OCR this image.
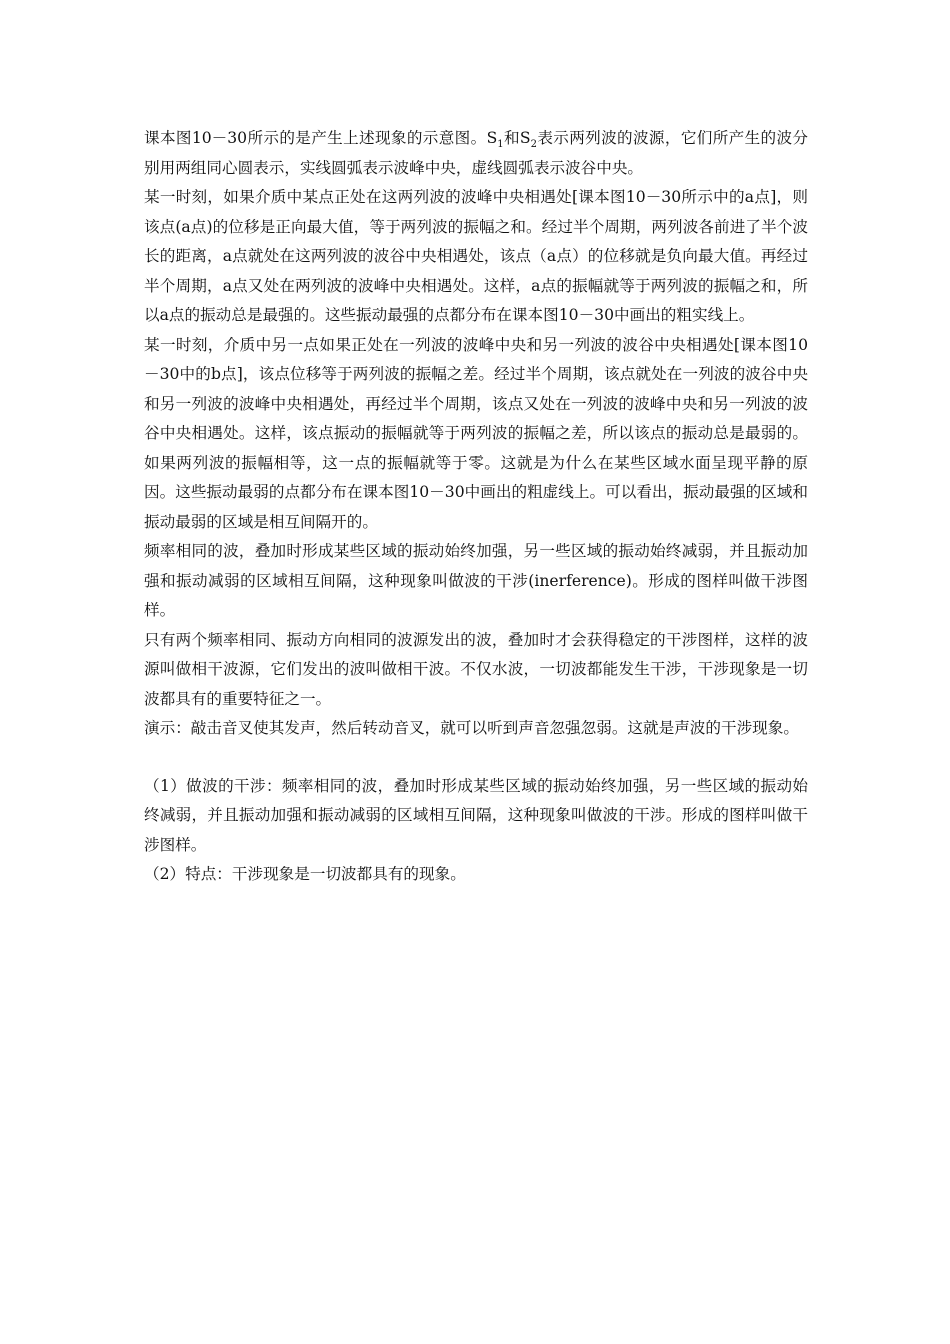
课本图10－30所示的是产生上述现象的示意图。$S_1$和$S_2$表示两列波的波源，它们所产生的波分别用两组同心圆表示，实线圆弧表示波峰中央，虚线圆弧表示波谷中央。

某一时刻，如果介质中某点正处在这两列波的波峰中央相遇处[课本图10－30所示中的a点]，则该点(a点)的位移是正向最大值，等于两列波的振幅之和。经过半个周期，两列波各前进了半个波长的距离，a点就处在这两列波的波谷中央相遇处，该点（a点）的位移就是负向最大值。再经过半个周期，a点又处在两列波的波峰中央相遇处。这样，a点的振幅就等于两列波的振幅之和，所以a点的振动总是最强的。这些振动最强的点都分布在课本图10－30中画出的粗实线上。

某一时刻，介质中另一点如果正处在一列波的波峰中央和另一列波的波谷中央相遇处[课本图10－30中的b点]，该点位移等于两列波的振幅之差。经过半个周期，该点就处在一列波的波谷中央和另一列波的波峰中央相遇处，再经过半个周期，该点又处在一列波的波峰中央和另一列波的波谷中央相遇处。这样，该点振动的振幅就等于两列波的振幅之差，所以该点的振动总是最弱的。如果两列波的振幅相等，这一点的振幅就等于零。这就是为什么在某些区域水面呈现平静的原因。这些振动最弱的点都分布在课本图10－30中画出的粗虚线上。可以看出，振动最强的区域和振动最弱的区域是相互间隔开的。

频率相同的波，叠加时形成某些区域的振动始终加强，另一些区域的振动始终减弱，并且振动加强和振动减弱的区域相互间隔，这种现象叫做波的干涉(inerference)。形成的图样叫做干涉图样。

只有两个频率相同、振动方向相同的波源发出的波，叠加时才会获得稳定的干涉图样，这样的波源叫做相干波源，它们发出的波叫做相干波。不仅水波，一切波都能发生干涉，干涉现象是一切波都具有的重要特征之一。

演示：敲击音叉使其发声，然后转动音叉，就可以听到声音忽强忽弱。这就是声波的干涉现象。

（1）做波的干涉：频率相同的波，叠加时形成某些区域的振动始终加强，另一些区域的振动始终减弱，并且振动加强和振动减弱的区域相互间隔，这种现象叫做波的干涉。形成的图样叫做干涉图样。

（2）特点：干涉现象是一切波都具有的现象。
